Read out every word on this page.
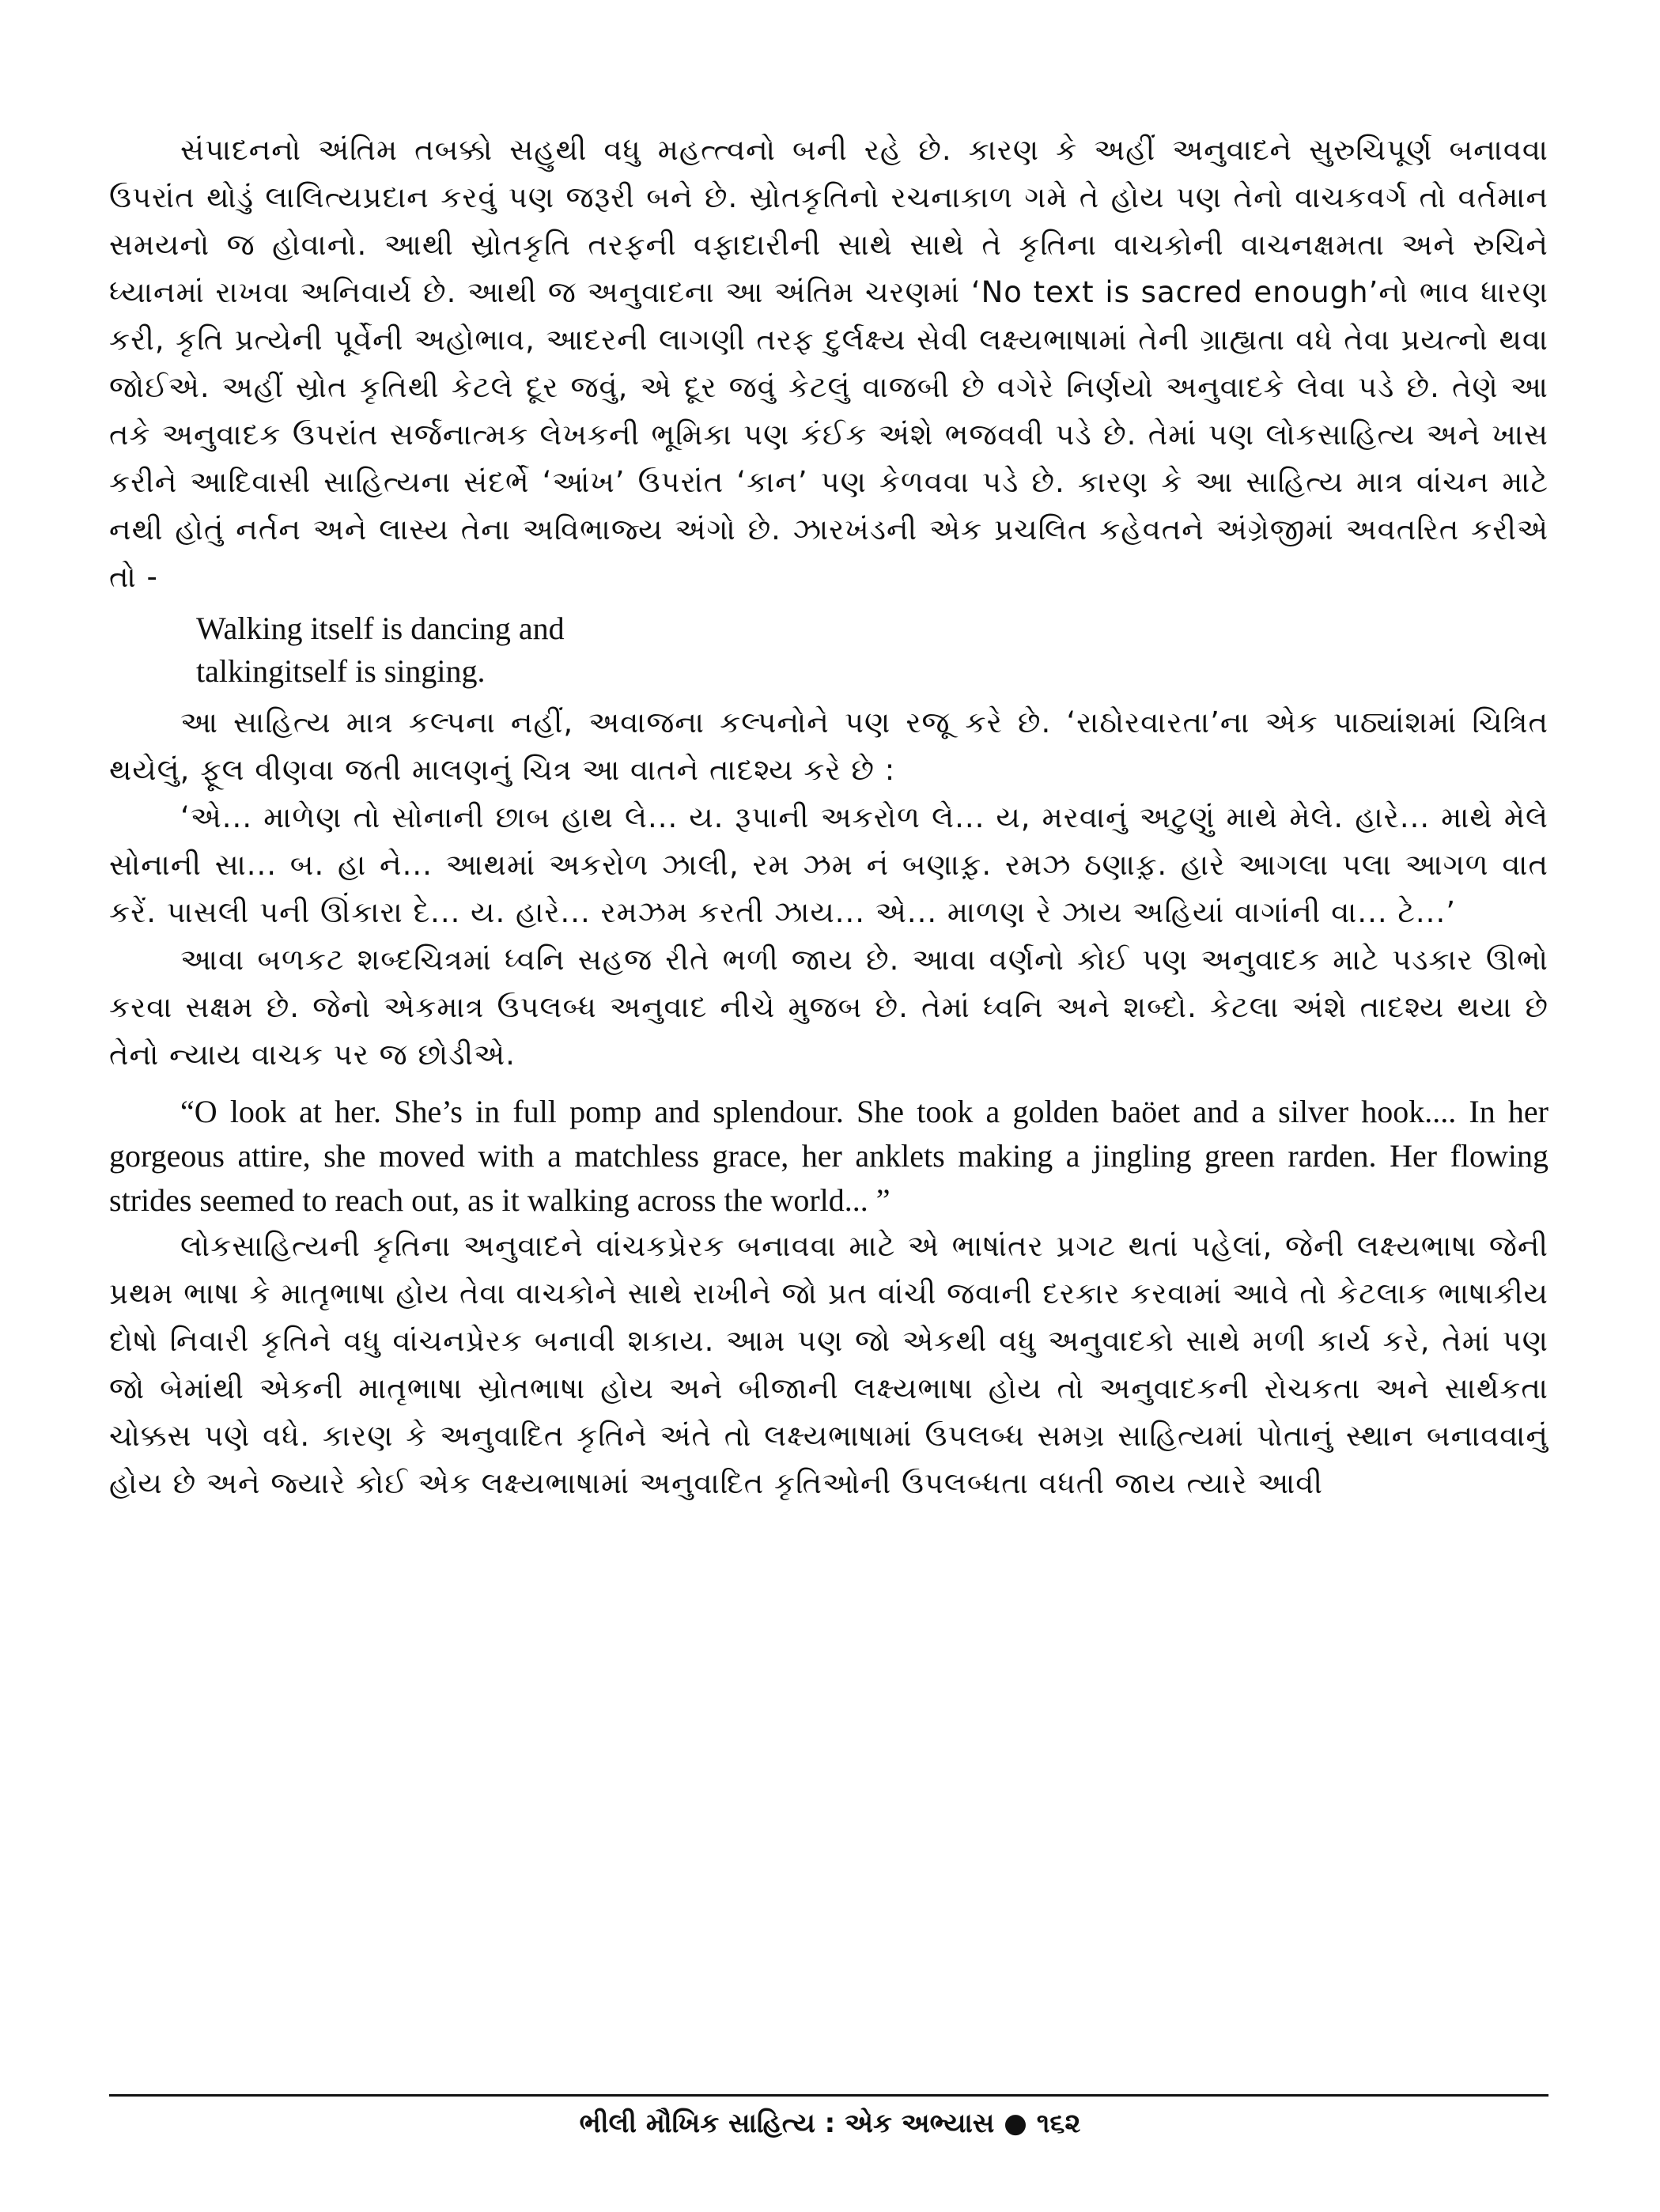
સંપાદનનો અંતિમ તબક્કો સહુથી વધુ મહત્ત્વનો બની રહે છે. કારણ કે અહીં અનુવાદને સુરુચિપૂર્ણ બનાવવા ઉપરાંત થોડું લાલિત્યપ્રદાન કરવું પણ જરૂરી બને છે. સ્રોતકૃતિનો રચનાકાળ ગમે તે હોય પણ તેનો વાચકવર્ગ તો વર્તમાન સમયનો જ હોવાનો. આથી સ્રોતકૃતિ તરફની વફાદારીની સાથે સાથે તે કૃતિના વાચકોની વાચનક્ષમતા અને રુચિને ધ્યાનમાં રાખવા અનિવાર્ય છે. આથી જ અનુવાદના આ અંતિમ ચરણમાં ‘No text is sacred enough’નો ભાવ ધારણ કરી, કૃતિ પ્રત્યેની પૂર્વેની અહોભાવ, આદરની લાગણી તરફ દુર્લક્ષ્ય સેવી લક્ષ્યભાષામાં તેની ગ્રાહ્યતા વધે તેવા પ્રયત્નો થવા જોઈએ. અહીં સ્રોત કૃતિથી કેટલે દૂર જવું, એ દૂર જવું કેટલું વાજબી છે વગેરે નિર્ણયો અનુવાદકે લેવા પડે છે. તેણે આ તકે અનુવાદક ઉપરાંત સર્જનાત્મક લેખકની ભૂમિકા પણ કંઈક અંશે ભજવવી પડે છે. તેમાં પણ લોકસાહિત્ય અને ખાસ કરીને આદિવાસી સાહિત્યના સંદર્ભે ‘આંખ’ ઉપરાંત ‘કાન’ પણ કેળવવા પડે છે. કારણ કે આ સાહિત્ય માત્ર વાંચન માટે નથી હોતું નર્તન અને લાસ્ય તેના અવિભાજ્ય અંગો છે. ઝારખંડની એક પ્રચલિત કહેવતને અંગ્રેજીમાં અવતરિત કરીએ તો -

Walking itself is dancing and

talkingitself is singing.

આ સાહિત્ય માત્ર કલ્પના નહીં, અવાજના કલ્પનોને પણ રજૂ કરે છે. ‘રાઠોરવારતા’ના એક પાઠ્યાંશમાં ચિત્રિત થયેલું, ફૂલ વીણવા જતી માલણનું ચિત્ર આ વાતને તાદશ્ય કરે છે :

‘એ... માળેણ તો સોનાની છાબ હાથ લે... ય. રૂપાની અકરોળ લે... ય, મરવાનું અટુણું માથે મેલે. હારે... માથે મેલે સોનાની સા... બ. હા ને... આથમાં અકરોળ ઝાલી, રમ ઝમ નં બણાફ઼. રમઝ ઠણાફ઼. હારે આગલા પલા આગળ વાત કરેં. પાસલી પની ઊંકારા દે... ય. હારે... રમઝમ કરતી ઝાય... એ... માળણ રે ઝાય અહિયાં વાગાંની વા... ટે...’

આવા બળકટ શબ્દચિત્રમાં ધ્વનિ સહજ રીતે ભળી જાય છે. આવા વર્ણનો કોઈ પણ અનુવાદક માટે પડકાર ઊભો કરવા સક્ષમ છે. જેનો એકમાત્ર ઉપલબ્ધ અનુવાદ નીચે મુજબ છે. તેમાં ધ્વનિ અને શબ્દો. કેટલા અંશે તાદશ્ય થયા છે તેનો ન્યાય વાચક પર જ છોડીએ.

“O look at her. She’s in full pomp and splendour. She took a golden baöet and a silver hook.... In her gorgeous attire, she moved with a matchless grace, her anklets making a jingling green rarden. Her flowing strides seemed to reach out, as it walking across the world... ”

લોકસાહિત્યની કૃતિના અનુવાદને વાંચકપ્રેરક બનાવવા માટે એ ભાષાંતર પ્રગટ થતાં પહેલાં, જેની લક્ષ્યભાષા જેની પ્રથમ ભાષા કે માતૃભાષા હોય તેવા વાચકોને સાથે રાખીને જો પ્રત વાંચી જવાની દરકાર કરવામાં આવે તો કેટલાક ભાષાકીય દોષો નિવારી કૃતિને વધુ વાંચનપ્રેરક બનાવી શકાય. આમ પણ જો એકથી વધુ અનુવાદકો સાથે મળી કાર્ય કરે, તેમાં પણ જો બેમાંથી એકની માતૃભાષા સ્રોતભાષા હોય અને બીજાની લક્ષ્યભાષા હોય તો અનુવાદકની રોચકતા અને સાર્થકતા ચોક્કસ પણે વધે. કારણ કે અનુવાદિત કૃતિને અંતે તો લક્ષ્યભાષામાં ઉપલબ્ધ સમગ્ર સાહિત્યમાં પોતાનું સ્થાન બનાવવાનું હોય છે અને જ્યારે કોઈ એક લક્ષ્યભાષામાં અનુવાદિત કૃતિઓની ઉપલબ્ધતા વધતી જાય ત્યારે આવી

ભીલી મૌખિક સાહિત્ય : એક અભ્યાસ ● ૧૬૨
